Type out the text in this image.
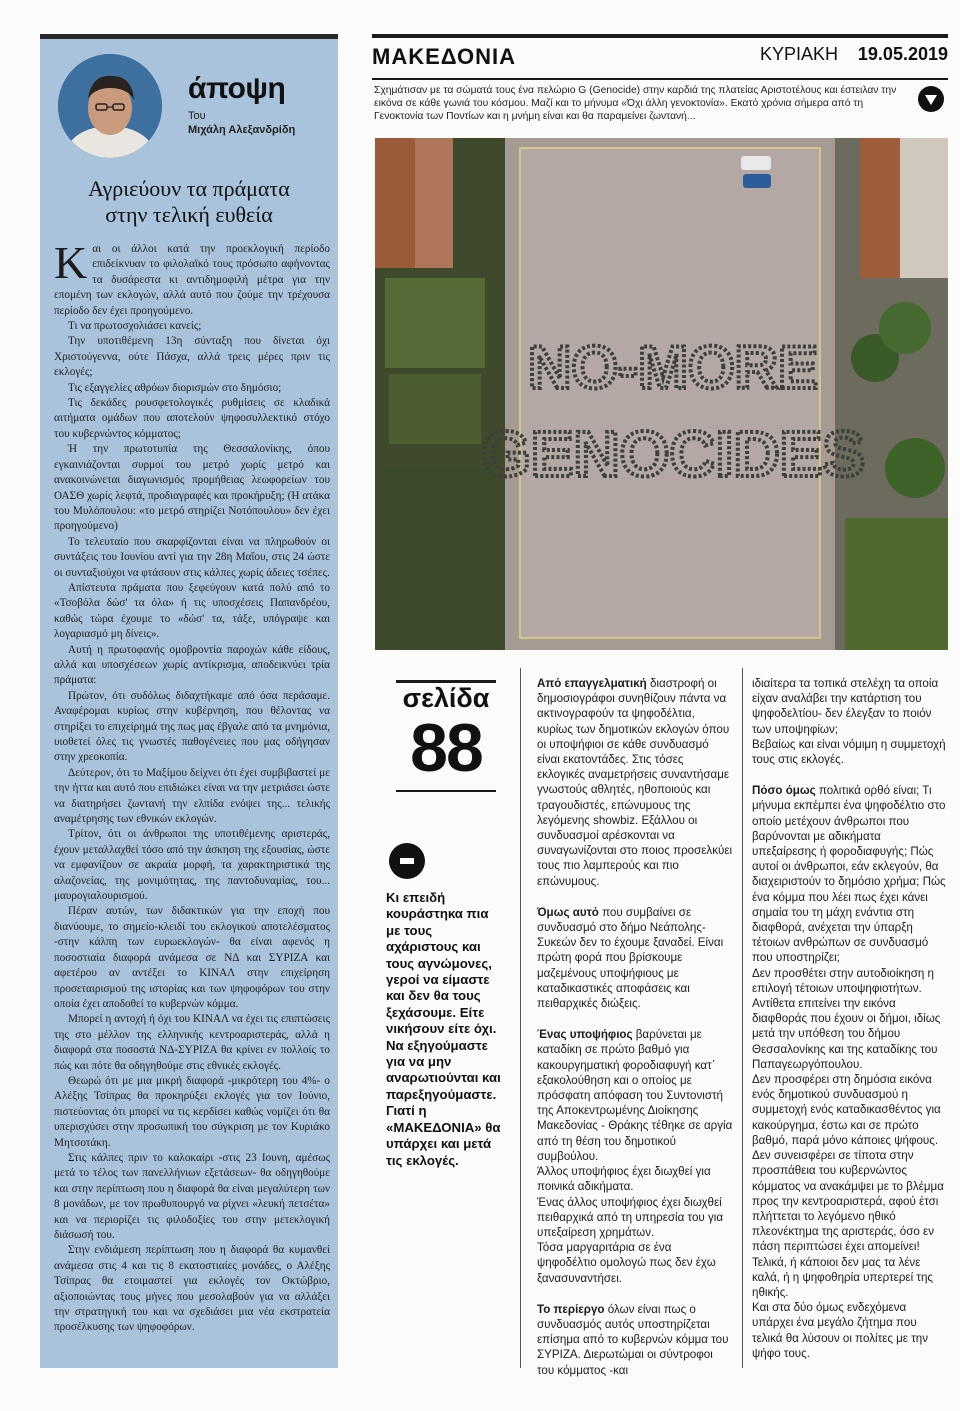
άποψη
Του
Μιχάλη Αλεξανδρίδη
Αγριεύουν τα πράματα
στην τελική ευθεία

Και οι άλλοι κατά την προεκλογική περίοδο επιδείκνυαν το φιλολαϊκό τους πρόσωπο αφήνοντας τα δυσάρεστα κι αντιδημοφιλή μέτρα για την επομένη των εκλογών, αλλά αυτό που ζούμε την τρέχουσα περίοδο δεν έχει προηγούμενο.

Τι να πρωτοσχολιάσει κανείς;

Την υποτιθέμενη 13η σύνταξη που δίνεται όχι Χριστούγεννα, ούτε Πάσχα, αλλά τρεις μέρες πριν τις εκλογές;

Τις εξαγγελίες αθρόων διορισμών στο δημόσιο;

Τις δεκάδες ρουσφετολογικές ρυθμίσεις σε κλαδικά αιτήματα ομάδων που αποτελούν ψηφοσυλλεκτικό στόχο του κυβερνώντος κόμματος;

Ή την πρωτοτυπία της Θεσσαλονίκης, όπου εγκαινιάζονται συρμοί του μετρό χωρίς μετρό και ανακοινώνεται διαγωνισμός προμήθειας λεωφορείων του ΟΑΣΘ χωρίς λεφτά, προδιαγραφές και προκήρυξη; (Η ατάκα του Μυλόπουλου: «το μετρό στηρίζει Νοτόπουλου» δεν έχει προηγούμενο)

Το τελευταίο που σκαρφίζονται είναι να πληρωθούν οι συντάξεις του Ιουνίου αντί για την 28η Μαΐου, στις 24 ώστε οι συνταξιούχοι να φτάσουν στις κάλπες χωρίς άδειες τσέπες.

Απίστευτα πράματα που ξεφεύγουν κατά πολύ από το «Τσοβόλα δώσ' τα όλα» ή τις υποσχέσεις Παπανδρέου, καθώς τώρα έχουμε το «δώσ' τα, τάξε, υπόγραψε και λογαριασμό μη δίνεις».

Αυτή η πρωτοφανής ομοβροντία παροχών κάθε είδους, αλλά και υποσχέσεων χωρίς αντίκρισμα, αποδεικνύει τρία πράματα:

Πρώτον, ότι συδόλως διδαχτήκαμε από όσα περάσαμε. Αναφέρομαι κυρίως στην κυβέρνηση, που θέλοντας να στηρίξει το επιχείρημά της πως μας έβγαλε από τα μνημόνια, υιοθετεί όλες τις γνωστές παθογένειες που μας οδήγησαν στην χρεοκοπία.

Δεύτερον, ότι το Μαξίμου δείχνει ότι έχει συμβιβαστεί με την ήττα και αυτό που επιδιώκει είναι να την μετριάσει ώστε να διατηρήσει ζωντανή την ελπίδα ενόψει της... τελικής αναμέτρησης των εθνικών εκλογών.

Τρίτον, ότι οι άνθρωποι της υποτιθέμενης αριστεράς, έχουν μεταλλαχθεί τόσο από την άσκηση της εξουσίας, ώστε να εμφανίζουν σε ακραία μορφή, τα χαρακτηριστικά της αλαζονείας, της μονιμότητας, της παντοδυναμίας, του... μαυρογιαλουρισμού.

Πέραν αυτών, των διδακτικών για την εποχή που διανύουμε, το σημείο-κλειδί του εκλογικού αποτελέσματος -στην κάλπη των ευρωεκλογών- θα είναι αφενός η ποσοστιαία διαφορά ανάμεσα σε ΝΔ και ΣΥΡΙΖΑ και αφετέρου αν αντέξει το ΚΙΝΑΛ στην επιχείρηση προσεταιρισμού της ιστορίας και των ψηφοφόρων του στην οποία έχει αποδοθεί το κυβερνών κόμμα.

Μπορεί η αντοχή ή όχι του ΚΙΝΑΛ να έχει τις επιπτώσεις της στο μέλλον της ελληνικής κεντροαριστεράς, αλλά η διαφορά στα ποσοστά ΝΔ-ΣΥΡΙΖΑ θα κρίνει εν πολλοίς το πώς και πότε θα οδηγηθούμε στις εθνικές εκλογές.

Θεωρώ ότι με μια μικρή διαφορά -μικρότερη του 4%- ο Αλέξης Τσίπρας θα προκηρύξει εκλογές για τον Ιούνιο, πιστεύοντας ότι μπορεί να τις κερδίσει καθώς νομίζει ότι θα υπερισχύσει στην προσωπική του σύγκριση με τον Κυριάκο Μητσοτάκη.

Στις κάλπες πριν το καλοκαίρι -στις 23 Ιουνη, αμέσως μετά το τέλος των πανελλήνιων εξετάσεων- θα οδηγηθούμε και στην περίπτωση που η διαφορά θα είναι μεγαλύτερη των 8 μονάδων, με τον πρωθυπουργό να ρίχνει «λευκή πετσέτα» και να περιορίζει τις φιλοδοξίες του στην μετεκλογική διάσωσή του.

Στην ενδιάμεση περίπτωση που η διαφορά θα κυμανθεί ανάμεσα στις 4 και τις 8 εκατοστιαίες μονάδες, ο Αλέξης Τσίπρας θα ετοιμαστεί για εκλογές τον Οκτώβριο, αξιοποιώντας τους μήνες που μεσολαβούν για να αλλάξει την στρατηγική του και να σχεδιάσει μια νέα εκστρατεία προσέλκυσης των ψηφοφόρων.

ΜΑΚΕΔΟΝΙΑ	ΚΥΡΙΑΚΗ 19.05.2019
Σχημάτισαν με τα σώματά τους ένα πελώριο G (Genocide) στην καρδιά της πλατείας Αριστοτέλους και έστειλαν την εικόνα σε κάθε γωνιά του κόσμου. Μαζί και το μήνυμα «Όχι άλλη γενοκτονία». Εκατό χρόνια σήμερα από τη Γενοκτονία των Ποντίων και η μνήμη είναι και θα παραμείνει ζωντανή...
NO-MORE
GENOCIDES
σελίδα
88
Κι επειδή κουράστηκα πια με τους αχάριστους και τους αγνώμονες, γεροί να είμαστε και δεν θα τους ξεχάσουμε. Είτε νικήσουν είτε όχι. Να εξηγούμαστε για να μην αναρωτιούνται και παρεξηγούμαστε. Γιατί η «ΜΑΚΕΔΟΝΙΑ» θα υπάρχει και μετά τις εκλογές.

Από επαγγελματική διαστροφή οι δημοσιογράφοι συνηθίζουν πάντα να ακτινογραφούν τα ψηφοδέλτια, κυρίως των δημοτικών εκλογών όπου οι υποψήφιοι σε κάθε συνδυασμό είναι εκατοντάδες. Στις τόσες εκλογικές αναμετρήσεις συναντήσαμε γνωστούς αθλητές, ηθοποιούς και τραγουδιστές, επώνυμους της λεγόμενης showbiz. Εξάλλου οι συνδυασμοί αρέσκονται να συναγωνίζονται στο ποιος προσελκύει τους πιο λαμπερούς και πιο επώνυμους.

Όμως αυτό που συμβαίνει σε συνδυασμό στο δήμο Νεάπολης-Συκεών δεν το έχουμε ξαναδεί. Είναι πρώτη φορά που βρίσκουμε μαζεμένους υποψήφιους με καταδικαστικές αποφάσεις και πειθαρχικές διώξεις.

Ένας υποψήφιος βαρύνεται με καταδίκη σε πρώτο βαθμό για κακουργηματική φοροδιαφυγή κατ΄ εξακολούθηση και ο οποίος με πρόσφατη απόφαση του Συντονιστή της Αποκεντρωμένης Διοίκησης Μακεδονίας - Θράκης τέθηκε σε αργία από τη θέση του δημοτικού συμβούλου.

Άλλος υποψήφιος έχει διωχθεί για ποινικά αδικήματα.

Ένας άλλος υποψήφιος έχει διωχθεί πειθαρχικά από τη υπηρεσία του για υπεξαίρεση χρημάτων.

Τόσα μαργαριτάρια σε ένα ψηφοδέλτιο ομολογώ πως δεν έχω ξανασυναντήσει.

Το περίεργο όλων είναι πως ο συνδυασμός αυτός υποστηρίζεται επίσημα από το κυβερνών κόμμα του ΣΥΡΙΖΑ. Διερωτώμαι οι σύντροφοι του κόμματος -και

ιδιαίτερα τα τοπικά στελέχη τα οποία είχαν αναλάβει την κατάρτιση του ψηφοδελτίου- δεν έλεγξαν το ποιόν των υποψηφίων;

Βεβαίως και είναι νόμιμη η συμμετοχή τους στις εκλογές.

Πόσο όμως πολιτικά ορθό είναι; Τι μήνυμα εκπέμπει ένα ψηφοδέλτιο στο οποίο μετέχουν άνθρωποι που βαρύνονται με αδικήματα υπεξαίρεσης ή φοροδιαφυγής; Πώς αυτοί οι άνθρωποι, εάν εκλεγούν, θα διαχειριστούν το δημόσιο χρήμα; Πώς ένα κόμμα που λέει πως έχει κάνει σημαία του τη μάχη ενάντια στη διαφθορά, ανέχεται την ύπαρξη τέτοιων ανθρώπων σε συνδυασμό που υποστηρίζει;

Δεν προσθέτει στην αυτοδιοίκηση η επιλογή τέτοιων υποψηφιοτήτων. Αντίθετα επιτείνει την εικόνα διαφθοράς που έχουν οι δήμοι, ιδίως μετά την υπόθεση του δήμου Θεσσαλονίκης και της καταδίκης του Παπαγεωργόπουλου.

Δεν προσφέρει στη δημόσια εικόνα ενός δημοτικού συνδυασμού η συμμετοχή ενός καταδικασθέντος για κακούργημα, έστω και σε πρώτο βαθμό, παρά μόνο κάποιες ψήφους.

Δεν συνεισφέρει σε τίποτα στην προσπάθεια του κυβερνώντος κόμματος να ανακάμψει με το βλέμμα προς την κεντροαριστερά, αφού έτσι πλήττεται το λεγόμενο ηθικό πλεονέκτημα της αριστεράς, όσο εν πάση περιπτώσει έχει απομείνει!

Τελικά, ή κάποιοι δεν μας τα λένε καλά, ή η ψηφοθηρία υπερτερεί της ηθικής.

Και στα δύο όμως ενδεχόμενα υπάρχει ένα μεγάλο ζήτημα που τελικά θα λύσουν οι πολίτες με την ψήφο τους.
